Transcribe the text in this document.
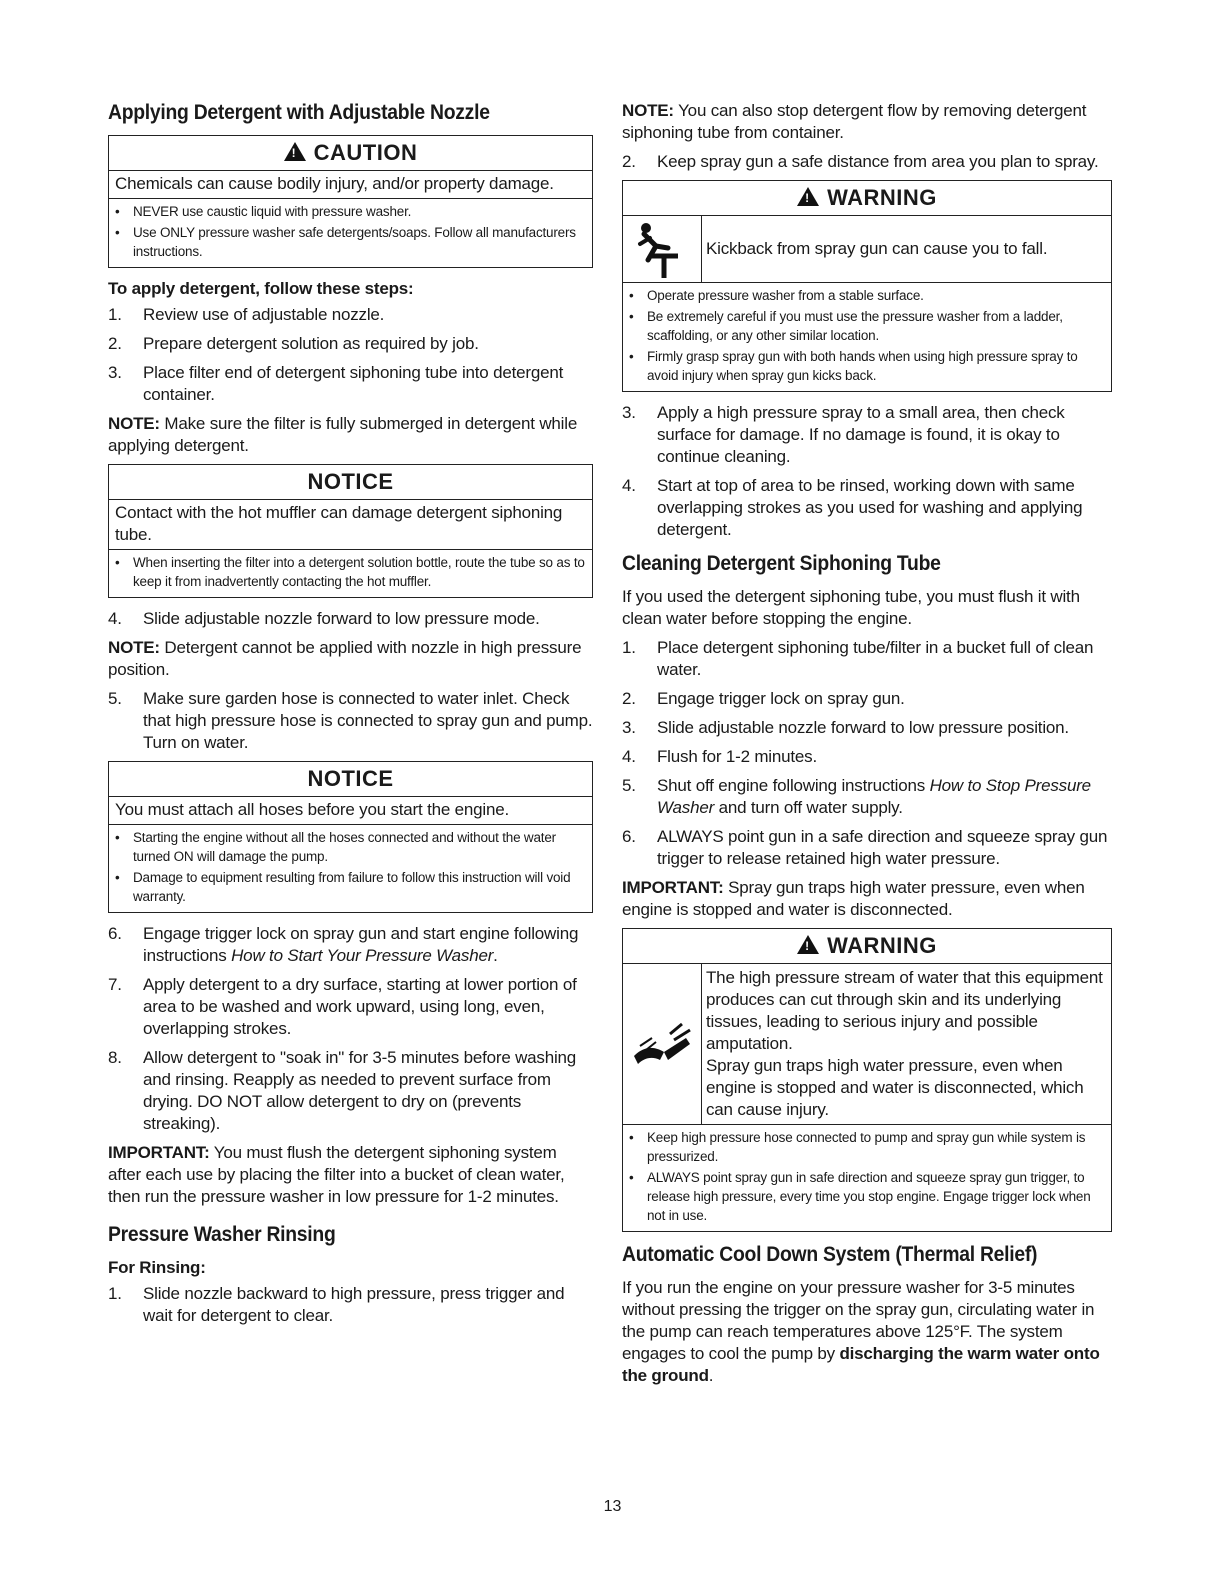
Applying Detergent with Adjustable Nozzle
!CAUTION
Chemicals can cause bodily injury, and/or property damage.
•
NEVER use caustic liquid with pressure washer.
•
Use ONLY pressure washer safe detergents/soaps. Follow all manufacturers instructions.

To apply detergent, follow these steps:

1.	Review use of adjustable nozzle.
2.	Prepare detergent solution as required by job.
3.	Place filter end of detergent siphoning tube into detergent container.

NOTE: Make sure the filter is fully submerged in detergent while applying detergent.

NOTICE
Contact with the hot muffler can damage detergent siphoning tube.
•
When inserting the filter into a detergent solution bottle, route the tube so as to keep it from inadvertently contacting the hot muffler.
4.	Slide adjustable nozzle forward to low pressure mode.

NOTE: Detergent cannot be applied with nozzle in high pressure position.

5.	Make sure garden hose is connected to water inlet. Check that high pressure hose is connected to spray gun and pump. Turn on water.
NOTICE
You must attach all hoses before you start the engine.
•
Starting the engine without all the hoses connected and without the water turned ON will damage the pump.
•
Damage to equipment resulting from failure to follow this instruction will void warranty.
6.	Engage trigger lock on spray gun and start engine following instructions How to Start Your Pressure Washer.
7.	Apply detergent to a dry surface, starting at lower portion of area to be washed and work upward, using long, even, overlapping strokes.
8.	Allow detergent to "soak in" for 3-5 minutes before washing and rinsing. Reapply as needed to prevent surface from drying. DO NOT allow detergent to dry on (prevents streaking).

IMPORTANT: You must flush the detergent siphoning system after each use by placing the filter into a bucket of clean water, then run the pressure washer in low pressure for 1-2 minutes.

Pressure Washer Rinsing

For Rinsing:

1.	Slide nozzle backward to high pressure, press trigger and wait for detergent to clear.

NOTE: You can also stop detergent flow by removing detergent siphoning tube from container.

2.	Keep spray gun a safe distance from area you plan to spray.
!WARNING
Kickback from spray gun can cause you to fall.
•
Operate pressure washer from a stable surface.
•
Be extremely careful if you must use the pressure washer from a ladder, scaffolding, or any other similar location.
•
Firmly grasp spray gun with both hands when using high pressure spray to avoid injury when spray gun kicks back.
3.	Apply a high pressure spray to a small area, then check surface for damage. If no damage is found, it is okay to continue cleaning.
4.	Start at top of area to be rinsed, working down with same overlapping strokes as you used for washing and applying detergent.
Cleaning Detergent Siphoning Tube

If you used the detergent siphoning tube, you must flush it with clean water before stopping the engine.

1.	Place detergent siphoning tube/filter in a bucket full of clean water.
2.	Engage trigger lock on spray gun.
3.	Slide adjustable nozzle forward to low pressure position.
4.	Flush for 1-2 minutes.
5.	Shut off engine following instructions How to Stop Pressure Washer and turn off water supply.
6.	ALWAYS point gun in a safe direction and squeeze spray gun trigger to release retained high water pressure.

IMPORTANT: Spray gun traps high water pressure, even when engine is stopped and water is disconnected.

!WARNING
The high pressure stream of water that this equipment produces can cut through skin and its underlying tissues, leading to serious injury and possible amputation.
Spray gun traps high water pressure, even when engine is stopped and water is disconnected, which can cause injury.
•
Keep high pressure hose connected to pump and spray gun while system is pressurized.
•
ALWAYS point spray gun in safe direction and squeeze spray gun trigger, to release high pressure, every time you stop engine. Engage trigger lock when not in use.
Automatic Cool Down System (Thermal Relief)

If you run the engine on your pressure washer for 3-5 minutes without pressing the trigger on the spray gun, circulating water in the pump can reach temperatures above 125°F. The system engages to cool the pump by discharging the warm water onto the ground.

13
